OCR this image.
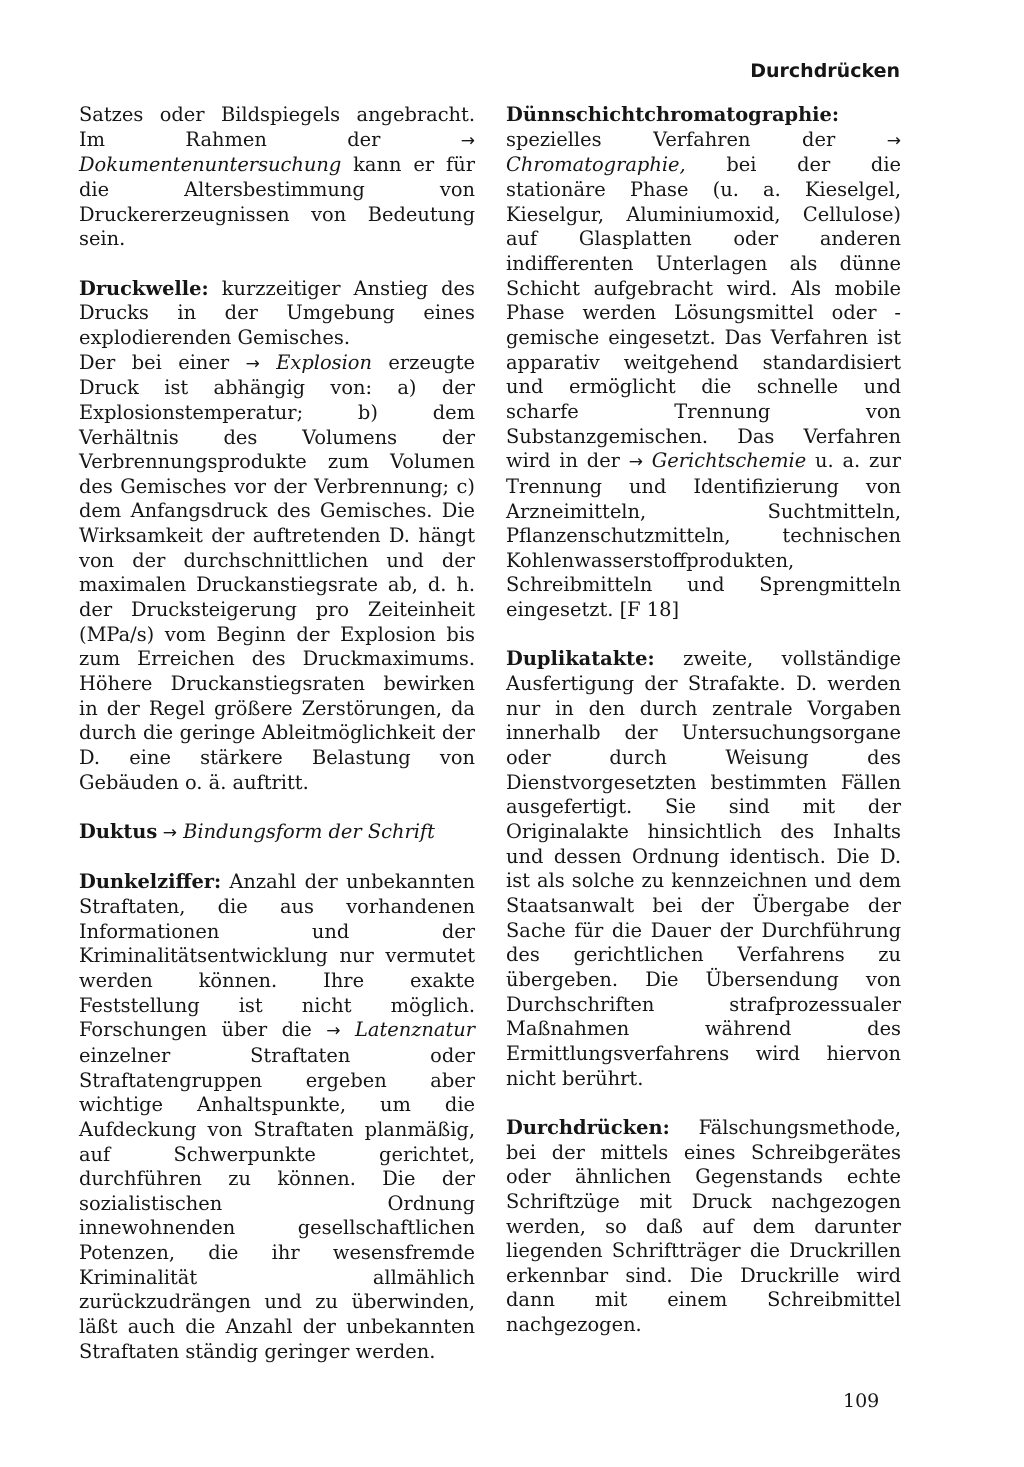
Durchdrücken
Satzes oder Bildspiegels angebracht. Im Rahmen der → Dokumentenuntersuchung kann er für die Altersbestimmung von Druckererzeugnissen von Bedeutung sein.
Druckwelle: kurzzeitiger Anstieg des Drucks in der Umgebung eines explodierenden Gemisches.
Der bei einer → Explosion erzeugte Druck ist abhängig von: a) der Explosionstemperatur; b) dem Verhältnis des Volumens der Verbrennungsprodukte zum Volumen des Gemisches vor der Verbrennung; c) dem Anfangsdruck des Gemisches. Die Wirksamkeit der auftretenden D. hängt von der durchschnittlichen und der maximalen Druckanstiegsrate ab, d. h. der Drucksteigerung pro Zeiteinheit (MPa/s) vom Beginn der Explosion bis zum Erreichen des Druckmaximums. Höhere Druckanstiegsraten bewirken in der Regel größere Zerstörungen, da durch die geringe Ableitmöglichkeit der D. eine stärkere Belastung von Gebäuden o. ä. auftritt.
Duktus → Bindungsform der Schrift
Dunkelziffer: Anzahl der unbekannten Straftaten, die aus vorhandenen Informationen und der Kriminalitätsentwicklung nur vermutet werden können. Ihre exakte Feststellung ist nicht möglich. Forschungen über die → Latenznatur einzelner Straftaten oder Straftatengruppen ergeben aber wichtige Anhaltspunkte, um die Aufdeckung von Straftaten planmäßig, auf Schwerpunkte gerichtet, durchführen zu können. Die der sozialistischen Ordnung innewohnenden gesellschaftlichen Potenzen, die ihr wesensfremde Kriminalität allmählich zurückzudrängen und zu überwinden, läßt auch die Anzahl der unbekannten Straftaten ständig geringer werden.
Dünnschichtchromatographie: spezielles Verfahren der → Chromatographie, bei der die stationäre Phase (u. a. Kieselgel, Kieselgur, Aluminiumoxid, Cellulose) auf Glasplatten oder anderen indifferenten Unterlagen als dünne Schicht aufgebracht wird. Als mobile Phase werden Lösungsmittel oder -gemische eingesetzt. Das Verfahren ist apparativ weitgehend standardisiert und ermöglicht die schnelle und scharfe Trennung von Substanzgemischen. Das Verfahren wird in der → Gerichtschemie u. a. zur Trennung und Identifizierung von Arzneimitteln, Suchtmitteln, Pflanzenschutzmitteln, technischen Kohlenwasserstoffprodukten, Schreibmitteln und Sprengmitteln eingesetzt. [F 18]
Duplikatakte: zweite, vollständige Ausfertigung der Strafakte. D. werden nur in den durch zentrale Vorgaben innerhalb der Untersuchungsorgane oder durch Weisung des Dienstvorgesetzten bestimmten Fällen ausgefertigt. Sie sind mit der Originalakte hinsichtlich des Inhalts und dessen Ordnung identisch. Die D. ist als solche zu kennzeichnen und dem Staatsanwalt bei der Übergabe der Sache für die Dauer der Durchführung des gerichtlichen Verfahrens zu übergeben. Die Übersendung von Durchschriften strafprozessualer Maßnahmen während des Ermittlungsverfahrens wird hiervon nicht berührt.
Durchdrücken: Fälschungsmethode, bei der mittels eines Schreibgerätes oder ähnlichen Gegenstands echte Schriftzüge mit Druck nachgezogen werden, so daß auf dem darunter liegenden Schriftträger die Druckrillen erkennbar sind. Die Druckrille wird dann mit einem Schreibmittel nachgezogen.
109
